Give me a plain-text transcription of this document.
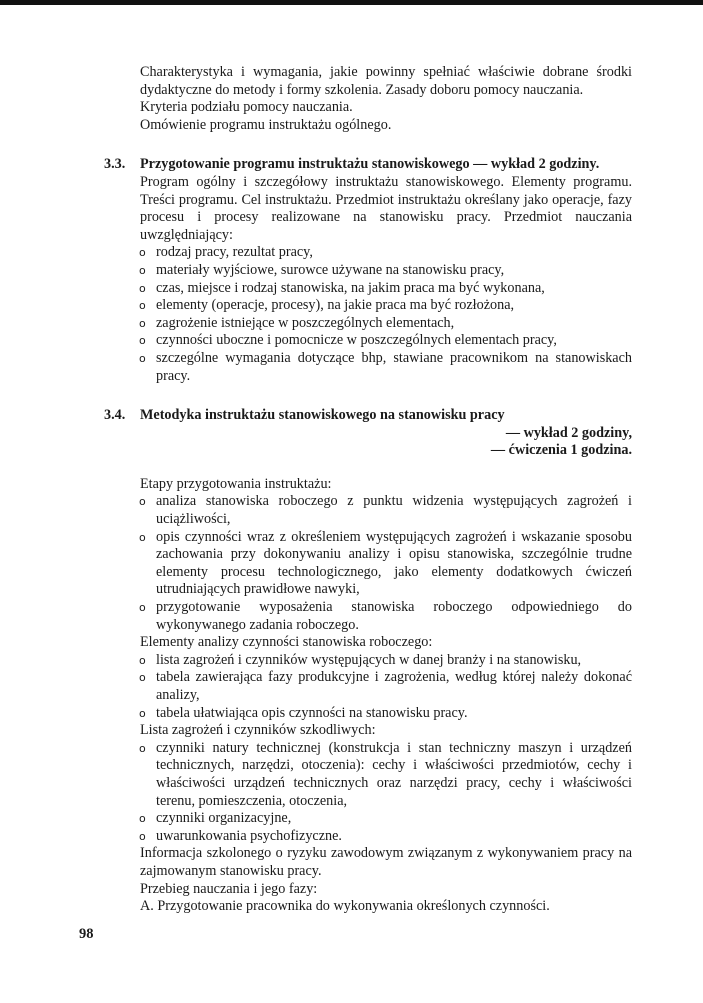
Charakterystyka i wymagania, jakie powinny spełniać właściwie dobrane środki dydaktyczne do metody i formy szkolenia. Zasady doboru pomocy nauczania.
Kryteria podziału pomocy nauczania.
Omówienie programu instruktażu ogólnego.
3.3. Przygotowanie programu instruktażu stanowiskowego — wykład 2 godziny.
Program ogólny i szczegółowy instruktażu stanowiskowego. Elementy programu. Treści programu. Cel instruktażu. Przedmiot instruktażu określany jako operacje, fazy procesu i procesy realizowane na stanowisku pracy. Przedmiot nauczania uwzględniający:
o rodzaj pracy, rezultat pracy,
o materiały wyjściowe, surowce używane na stanowisku pracy,
o czas, miejsce i rodzaj stanowiska, na jakim praca ma być wykonana,
o elementy (operacje, procesy), na jakie praca ma być rozłożona,
o zagrożenie istniejące w poszczególnych elementach,
o czynności uboczne i pomocnicze w poszczególnych elementach pracy,
o szczególne wymagania dotyczące bhp, stawiane pracownikom na stanowiskach pracy.
3.4. Metodyka instruktażu stanowiskowego na stanowisku pracy
— wykład 2 godziny,
— ćwiczenia 1 godzina.
Etapy przygotowania instruktażu:
o analiza stanowiska roboczego z punktu widzenia występujących zagrożeń i uciążliwości,
o opis czynności wraz z określeniem występujących zagrożeń i wskazanie sposobu zachowania przy dokonywaniu analizy i opisu stanowiska, szczególnie trudne elementy procesu technologicznego, jako elementy dodatkowych ćwiczeń utrudniających prawidłowe nawyki,
o przygotowanie wyposażenia stanowiska roboczego odpowiedniego do wykonywanego zadania roboczego.
Elementy analizy czynności stanowiska roboczego:
o lista zagrożeń i czynników występujących w danej branży i na stanowisku,
o tabela zawierająca fazy produkcyjne i zagrożenia, według której należy dokonać analizy,
o tabela ułatwiająca opis czynności na stanowisku pracy.
Lista zagrożeń i czynników szkodliwych:
o czynniki natury technicznej (konstrukcja i stan techniczny maszyn i urządzeń technicznych, narzędzi, otoczenia): cechy i właściwości przedmiotów, cechy i właściwości urządzeń technicznych oraz narzędzi pracy, cechy i właściwości terenu, pomieszczenia, otoczenia,
o czynniki organizacyjne,
o uwarunkowania psychofizyczne.
Informacja szkolonego o ryzyku zawodowym związanym z wykonywaniem pracy na zajmowanym stanowisku pracy.
Przebieg nauczania i jego fazy:
A. Przygotowanie pracownika do wykonywania określonych czynności.
98
